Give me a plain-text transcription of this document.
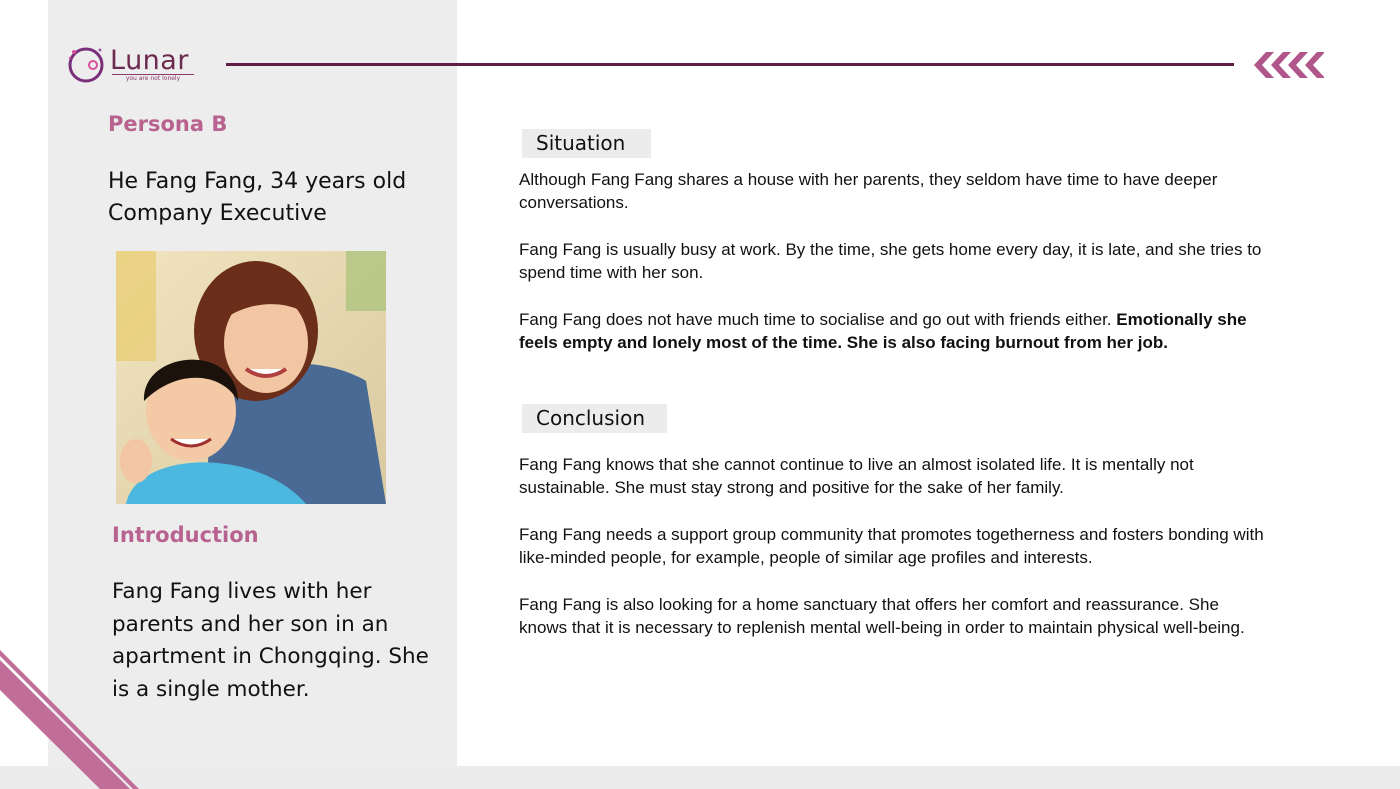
Lunar
you are not lonely
Persona B
He Fang Fang, 34 years old
Company Executive
Introduction
Fang Fang lives with her parents and her son in an apartment in Chongqing. She is a single mother.
Situation
Although Fang Fang shares a house with her parents, they seldom have time to have deeper conversations.
Fang Fang is usually busy at work. By the time, she gets home every day, it is late, and she tries to spend time with her son.
Fang Fang does not have much time to socialise and go out with friends either. Emotionally she feels empty and lonely most of the time. She is also facing burnout from her job.
Conclusion
Fang Fang knows that she cannot continue to live an almost isolated life. It is mentally not sustainable. She must stay strong and positive for the sake of her family.
Fang Fang needs a support group community that promotes togetherness and fosters bonding with like-minded people, for example, people of similar age profiles and interests.
Fang Fang is also looking for a home sanctuary that offers her comfort and reassurance. She knows that it is necessary to replenish mental well-being in order to maintain physical well-being.
